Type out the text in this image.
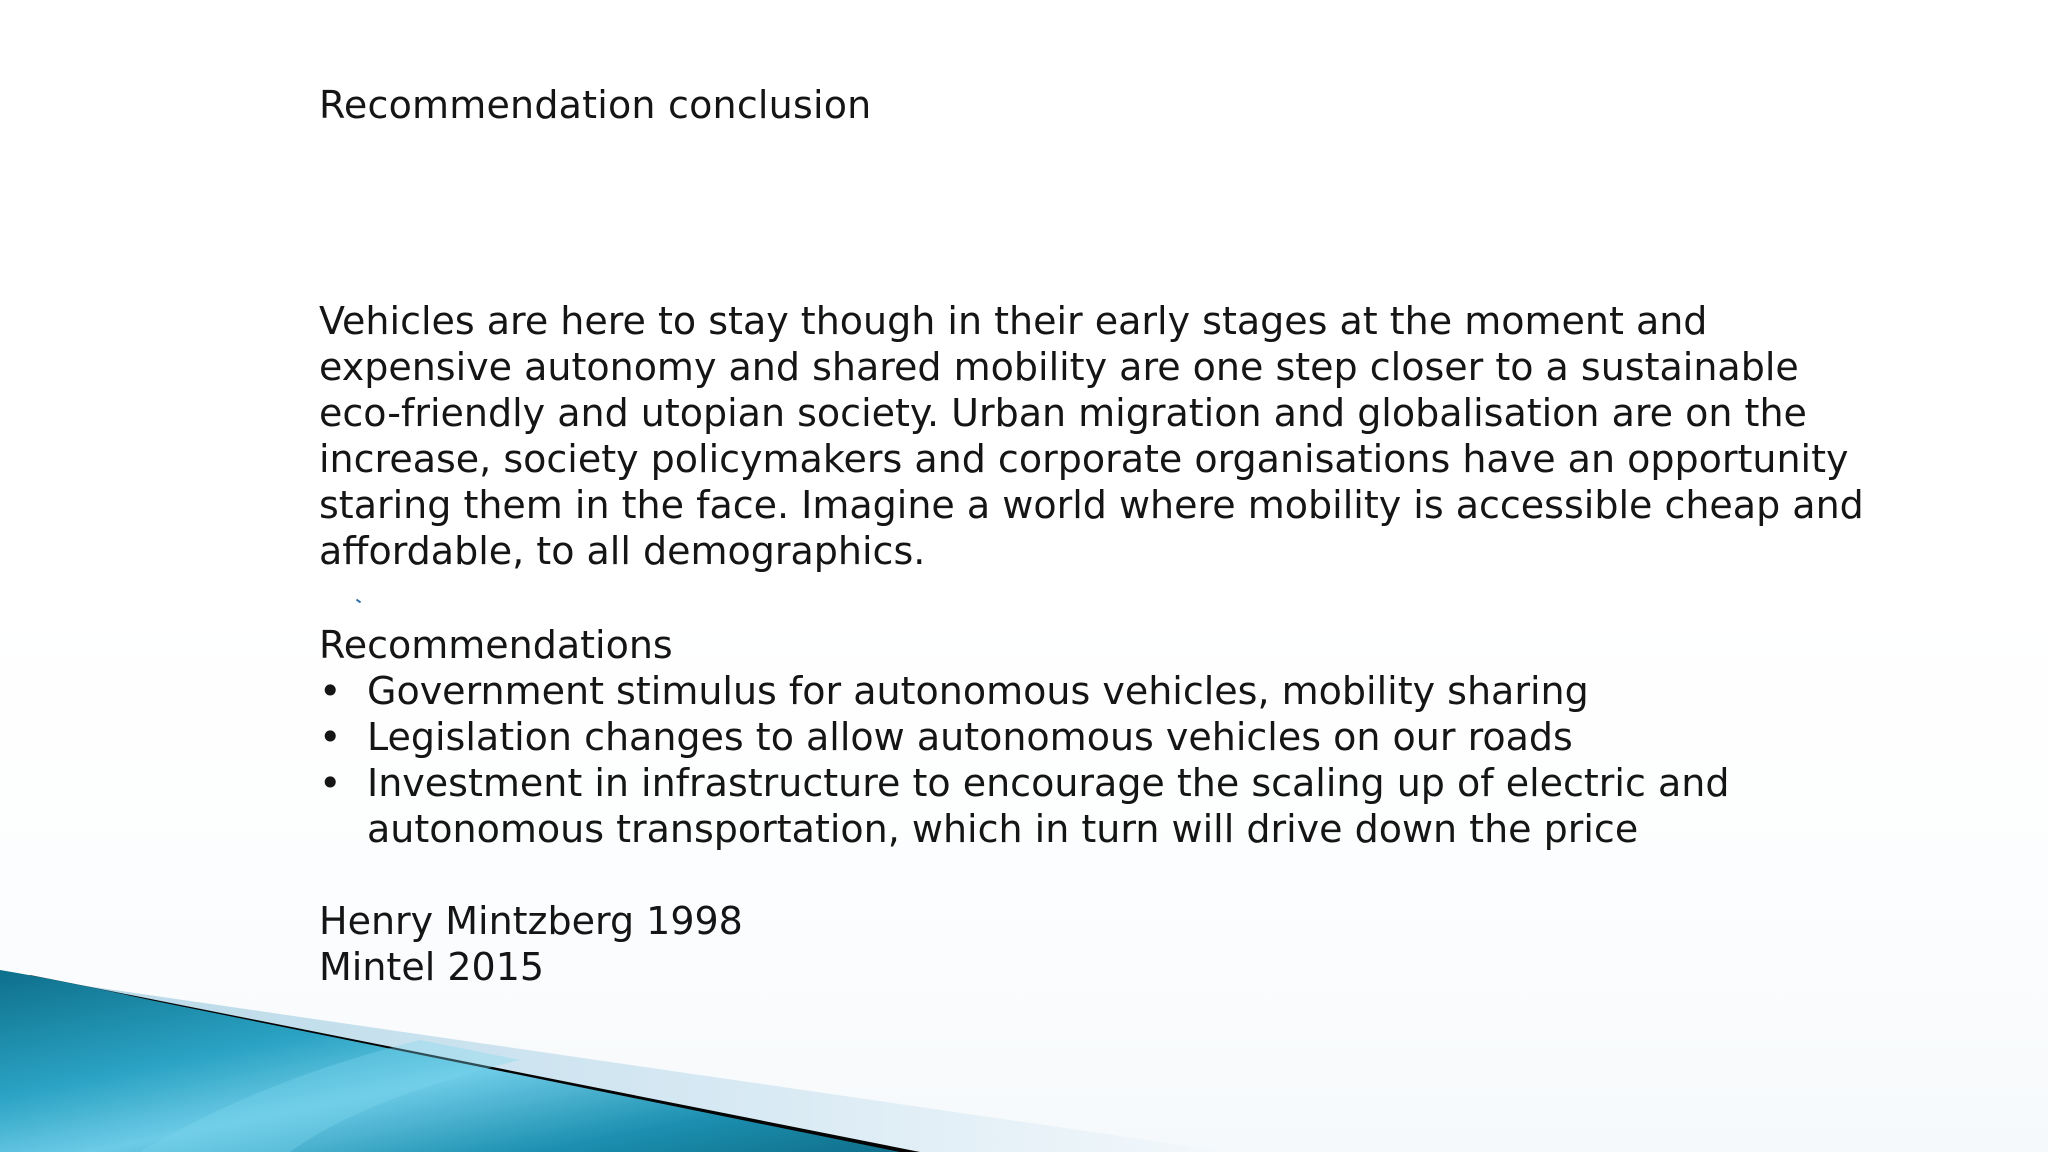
Recommendation conclusion
Vehicles are here to stay though in their early stages at the moment and
expensive autonomy and shared mobility are one step closer to a sustainable
eco-friendly and utopian society. Urban migration and globalisation are on the
increase, society policymakers and corporate organisations have an opportunity
staring them in the face. Imagine a world where mobility is accessible cheap and
affordable, to all demographics.
Recommendations
• Government stimulus for autonomous vehicles, mobility sharing
• Legislation changes to allow autonomous vehicles on our roads
• Investment in infrastructure to encourage the scaling up of electric and
autonomous transportation, which in turn will drive down the price
Henry Mintzberg 1998
Mintel 2015
